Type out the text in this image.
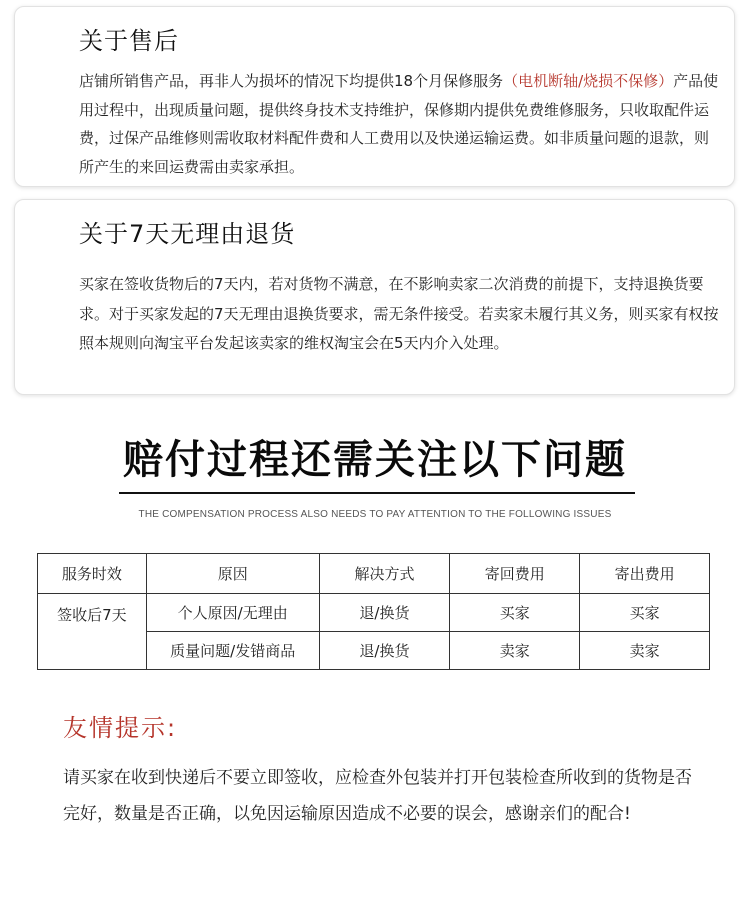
关于售后
店铺所销售产品，再非人为损坏的情况下均提供18个月保修服务（电机断轴/烧损不保修）产品使用过程中，出现质量问题，提供终身技术支持维护，保修期内提供免费维修服务，只收取配件运费，过保产品维修则需收取材料配件费和人工费用以及快递运输运费。如非质量问题的退款，则所产生的来回运费需由卖家承担。
关于7天无理由退货
买家在签收货物后的7天内，若对货物不满意，在不影响卖家二次消费的前提下，支持退换货要求。对于买家发起的7天无理由退换货要求，需无条件接受。若卖家未履行其义务，则买家有权按照本规则向淘宝平台发起该卖家的维权淘宝会在5天内介入处理。
赔付过程还需关注以下问题
THE COMPENSATION PROCESS ALSO NEEDS TO PAY ATTENTION TO THE FOLLOWING ISSUES
服务时效	原因	解决方式	寄回费用	寄出费用
签收后7天	个人原因/无理由	退/换货	买家	买家
	质量问题/发错商品	退/换货	卖家	卖家
友情提示:
请买家在收到快递后不要立即签收，应检查外包装并打开包装检查所收到的货物是否完好，数量是否正确，以免因运输原因造成不必要的误会，感谢亲们的配合!
